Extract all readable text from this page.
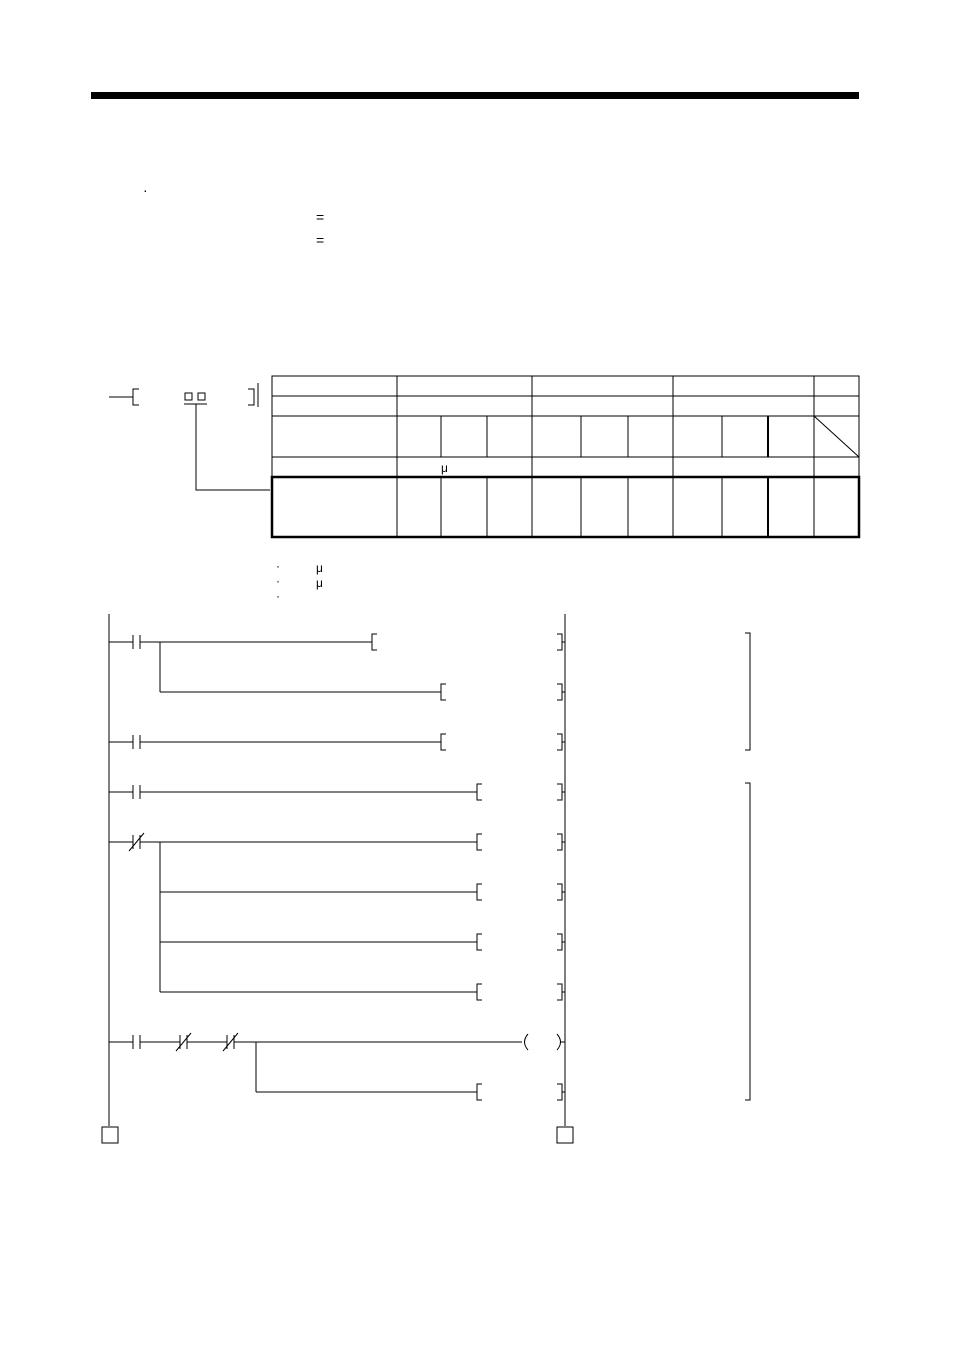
·
=
=
μ
·	μ
·	μ
·
